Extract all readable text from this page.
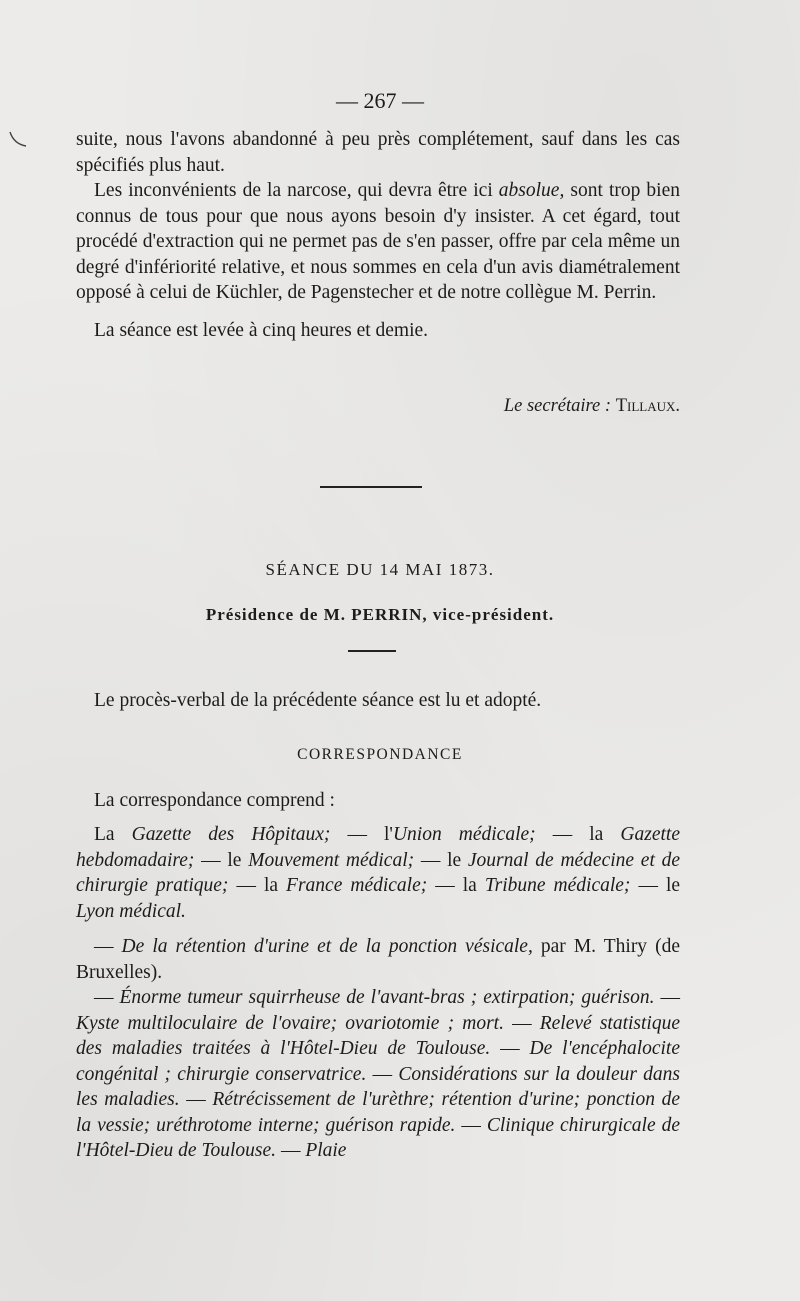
— 267 —

suite, nous l'avons abandonné à peu près complétement, sauf dans les cas spécifiés plus haut.

Les inconvénients de la narcose, qui devra être ici absolue, sont trop bien connus de tous pour que nous ayons besoin d'y insister. A cet égard, tout procédé d'extraction qui ne permet pas de s'en passer, offre par cela même un degré d'infériorité relative, et nous sommes en cela d'un avis diamétralement opposé à celui de Küchler, de Pagenstecher et de notre collègue M. Perrin.

La séance est levée à cinq heures et demie.

Le secrétaire : Tillaux.
SÉANCE DU 14 MAI 1873.
Présidence de M. PERRIN, vice-président.
Le procès-verbal de la précédente séance est lu et adopté.
CORRESPONDANCE
La correspondance comprend :

La Gazette des Hôpitaux; — l'Union médicale; — la Gazette hebdomadaire; — le Mouvement médical; — le Journal de médecine et de chirurgie pratique; — la France médicale; — la Tribune médicale; — le Lyon médical.

— De la rétention d'urine et de la ponction vésicale, par M. Thiry (de Bruxelles).

— Énorme tumeur squirrheuse de l'avant-bras ; extirpation; guérison. — Kyste multiloculaire de l'ovaire; ovariotomie ; mort. — Relevé statistique des maladies traitées à l'Hôtel-Dieu de Toulouse. — De l'encéphalocite congénital ; chirurgie conservatrice. — Considérations sur la douleur dans les maladies. — Rétrécissement de l'urèthre; rétention d'urine; ponction de la vessie; uréthrotome interne; guérison rapide. — Clinique chirurgicale de l'Hôtel-Dieu de Toulouse. — Plaie
